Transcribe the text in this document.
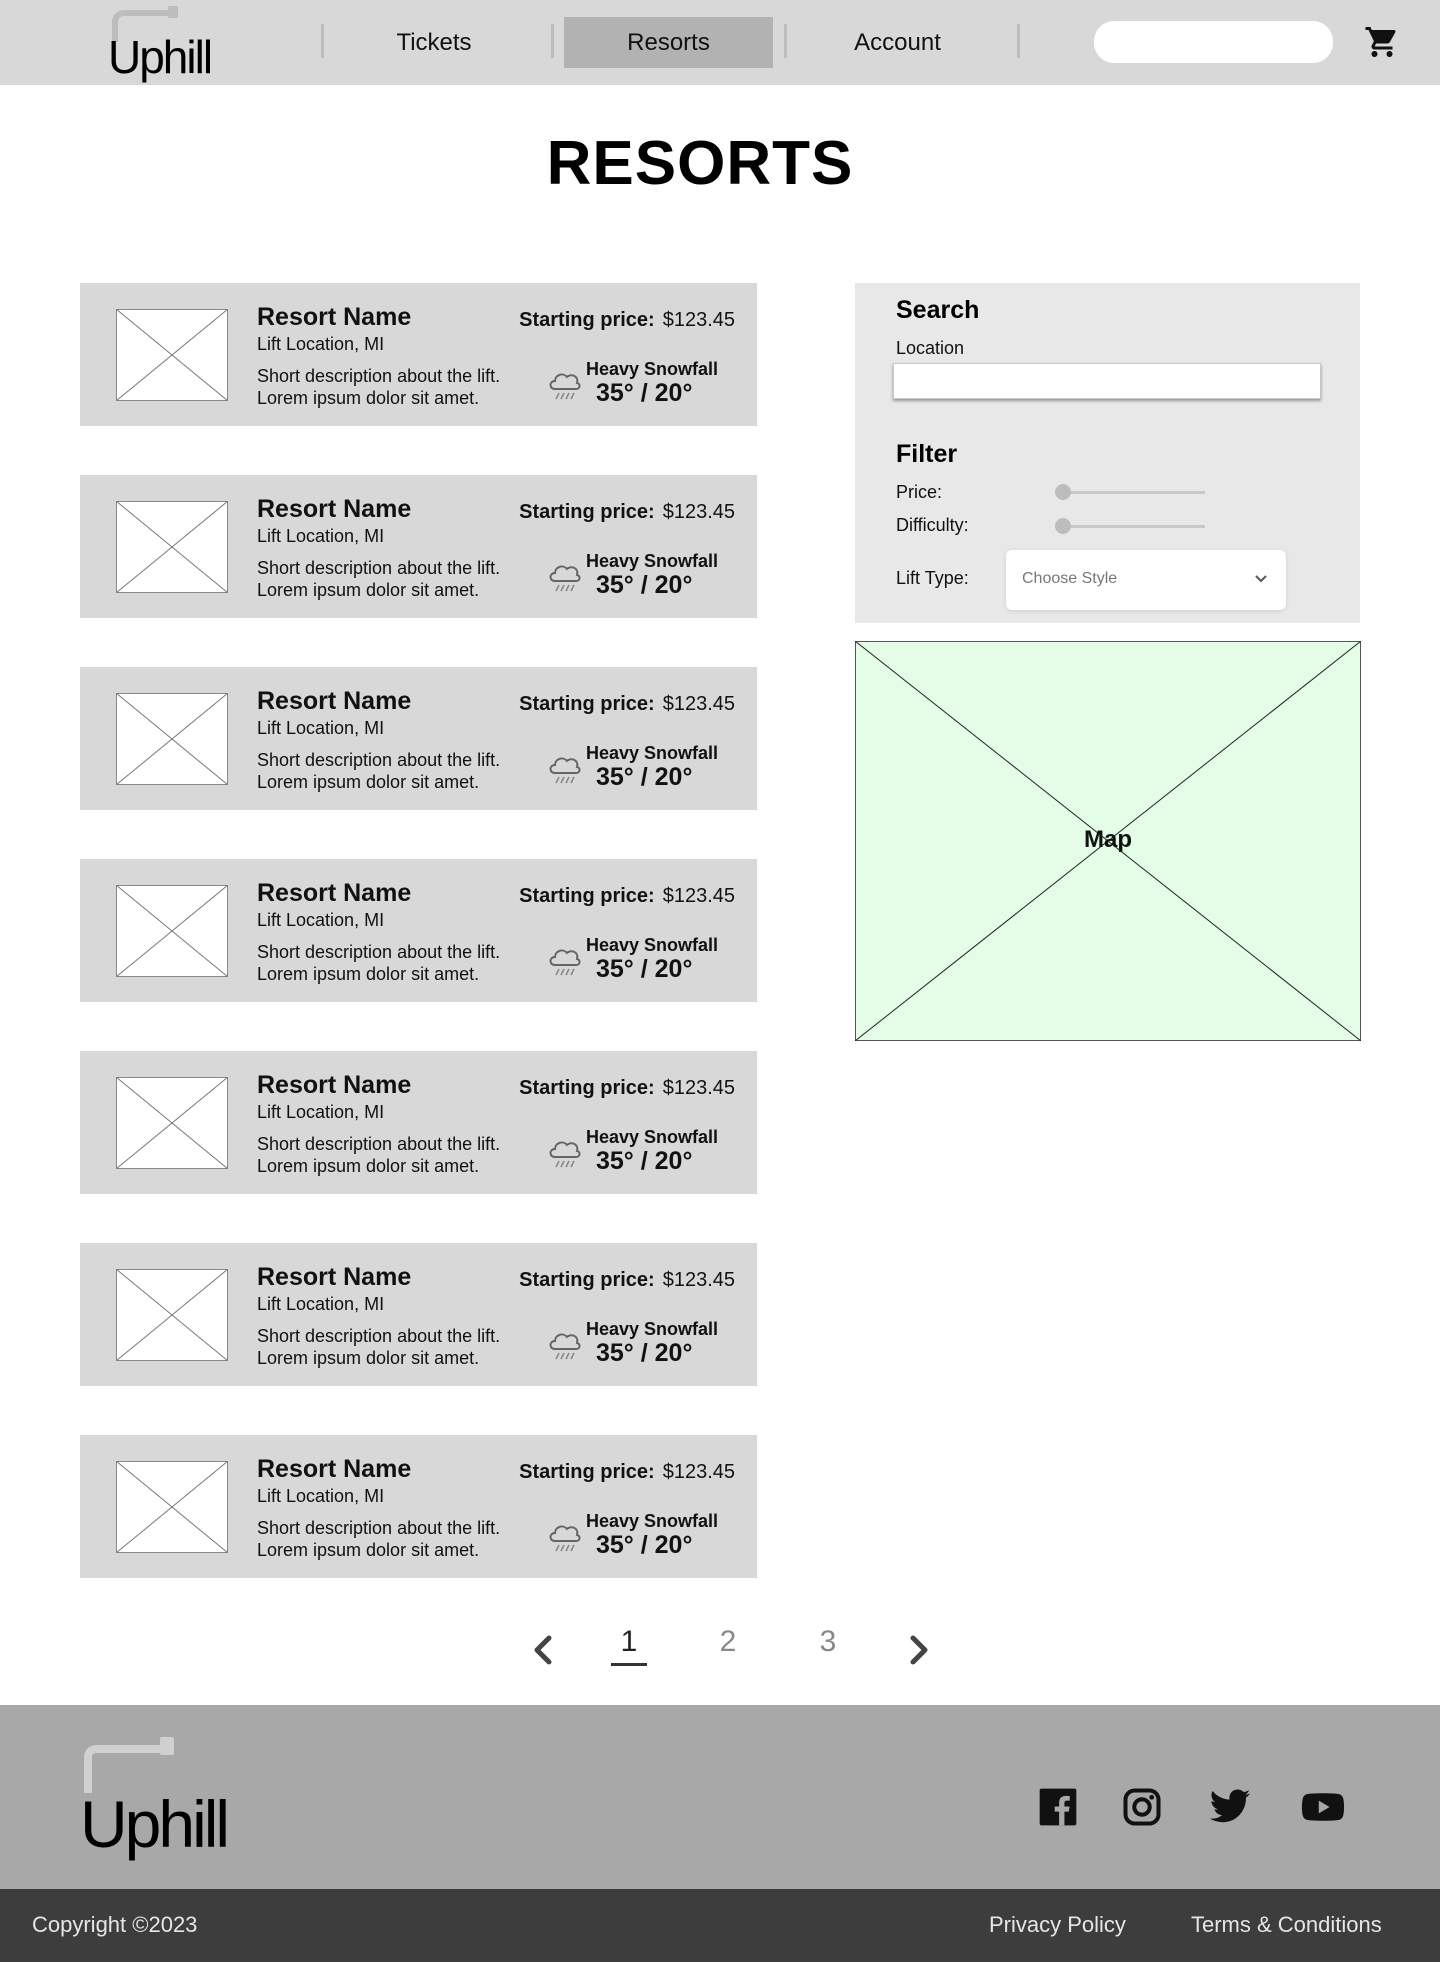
Uphill	Tickets	Resorts	Account
RESORTS
Resort Name
Lift Location, MI
Short description about the lift.
Lorem ipsum dolor sit amet.
Starting price: $123.45
Heavy Snowfall
35° / 20°
Resort Name
Lift Location, MI
Short description about the lift.
Lorem ipsum dolor sit amet.
Starting price: $123.45
Heavy Snowfall
35° / 20°
Resort Name
Lift Location, MI
Short description about the lift.
Lorem ipsum dolor sit amet.
Starting price: $123.45
Heavy Snowfall
35° / 20°
Resort Name
Lift Location, MI
Short description about the lift.
Lorem ipsum dolor sit amet.
Starting price: $123.45
Heavy Snowfall
35° / 20°
Resort Name
Lift Location, MI
Short description about the lift.
Lorem ipsum dolor sit amet.
Starting price: $123.45
Heavy Snowfall
35° / 20°
Resort Name
Lift Location, MI
Short description about the lift.
Lorem ipsum dolor sit amet.
Starting price: $123.45
Heavy Snowfall
35° / 20°
Resort Name
Lift Location, MI
Short description about the lift.
Lorem ipsum dolor sit amet.
Starting price: $123.45
Heavy Snowfall
35° / 20°
1	2	3
Search
Location
Filter
Price:
Difficulty:
Lift Type:	Choose Style
Map
Uphill
Copyright ©2023	Privacy Policy	Terms & Conditions
